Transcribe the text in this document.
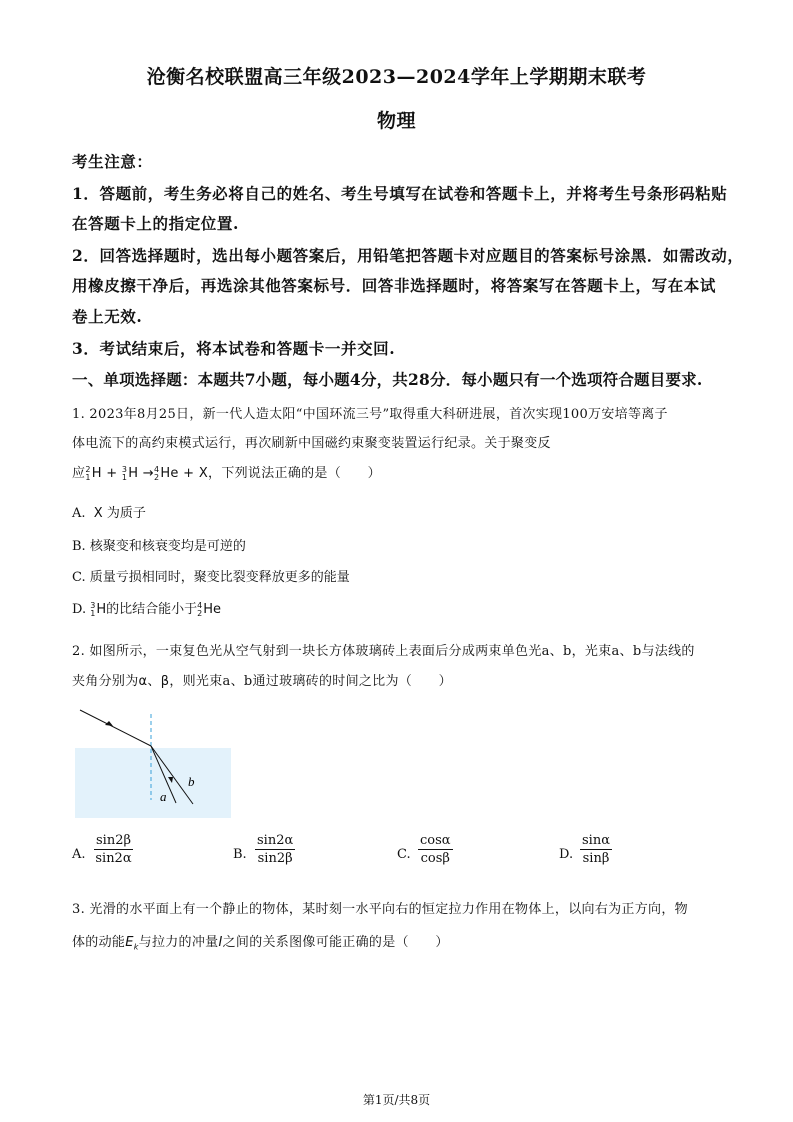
沧衡名校联盟高三年级2023—2024学年上学期期末联考
物理
考生注意：
1．答题前，考生务必将自己的姓名、考生号填写在试卷和答题卡上，并将考生号条形码粘贴
在答题卡上的指定位置.
2．回答选择题时，选出每小题答案后，用铅笔把答题卡对应题目的答案标号涂黑．如需改动，
用橡皮擦干净后，再选涂其他答案标号．回答非选择题时，将答案写在答题卡上，写在本试
卷上无效.
3．考试结束后，将本试卷和答题卡一并交回.
一、单项选择题：本题共7小题，每小题4分，共28分．每小题只有一个选项符合题目要求.
1. 2023年8月25日，新一代人造太阳“中国环流三号”取得重大科研进展，首次实现100万安培等离子
体电流下的高约束模式运行，再次刷新中国磁约束聚变装置运行纪录。关于聚变反
应2
1H + 3
1H →4
2He + X，下列说法正确的是（　　）
A. X 为质子
B. 核聚变和核衰变均是可逆的
C. 质量亏损相同时，聚变比裂变释放更多的能量
D. 3
1H的比结合能小于4
2He
2. 如图所示，一束复色光从空气射到一块长方体玻璃砖上表面后分成两束单色光a、b，光束a、b与法线的
夹角分别为α、β，则光束a、b通过玻璃砖的时间之比为（　　）
a
b
A. $\frac{\sin 2\beta}{\sin 2\alpha}$	B. $\frac{\sin 2\alpha}{\sin 2\beta}$	C. $\frac{\cos\alpha}{\cos\beta}$	D. $\frac{\sin\alpha}{\sin\beta}$
3. 光滑的水平面上有一个静止的物体，某时刻一水平向右的恒定拉力作用在物体上，以向右为正方向，物
体的动能$E_k$与拉力的冲量I之间的关系图像可能正确的是（　　）
第1页/共8页
